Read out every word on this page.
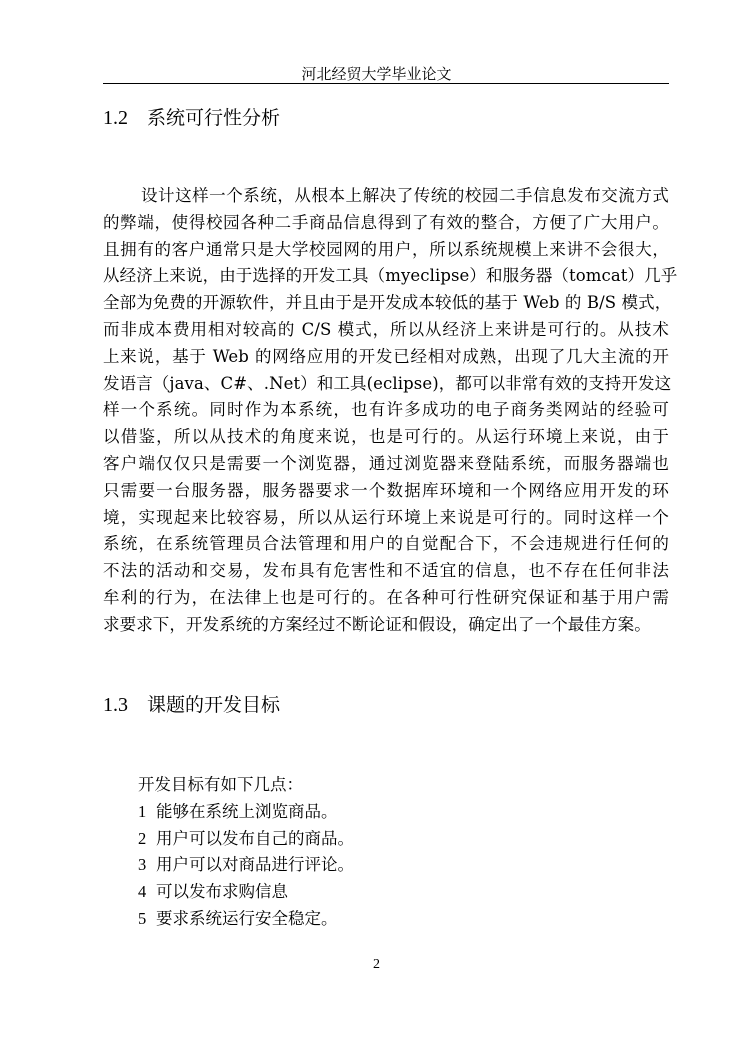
河北经贸大学毕业论文
1.2 系统可行性分析
设计这样一个系统，从根本上解决了传统的校园二手信息发布交流方式
的弊端，使得校园各种二手商品信息得到了有效的整合，方便了广大用户。
且拥有的客户通常只是大学校园网的用户，所以系统规模上来讲不会很大，
从经济上来说，由于选择的开发工具（myeclipse）和服务器（tomcat）几乎
全部为免费的开源软件，并且由于是开发成本较低的基于 Web 的 B/S 模式，
而非成本费用相对较高的 C/S 模式，所以从经济上来讲是可行的。从技术
上来说，基于 Web 的网络应用的开发已经相对成熟，出现了几大主流的开
发语言（java、C#、.Net）和工具(eclipse)，都可以非常有效的支持开发这
样一个系统。同时作为本系统，也有许多成功的电子商务类网站的经验可
以借鉴，所以从技术的角度来说，也是可行的。从运行环境上来说，由于
客户端仅仅只是需要一个浏览器，通过浏览器来登陆系统，而服务器端也
只需要一台服务器，服务器要求一个数据库环境和一个网络应用开发的环
境，实现起来比较容易，所以从运行环境上来说是可行的。同时这样一个
系统，在系统管理员合法管理和用户的自觉配合下，不会违规进行任何的
不法的活动和交易，发布具有危害性和不适宜的信息，也不存在任何非法
牟利的行为，在法律上也是可行的。在各种可行性研究保证和基于用户需
求要求下，开发系统的方案经过不断论证和假设，确定出了一个最佳方案。
1.3 课题的开发目标
开发目标有如下几点：
1 能够在系统上浏览商品。
2 用户可以发布自己的商品。
3 用户可以对商品进行评论。
4 可以发布求购信息
5 要求系统运行安全稳定。
2
